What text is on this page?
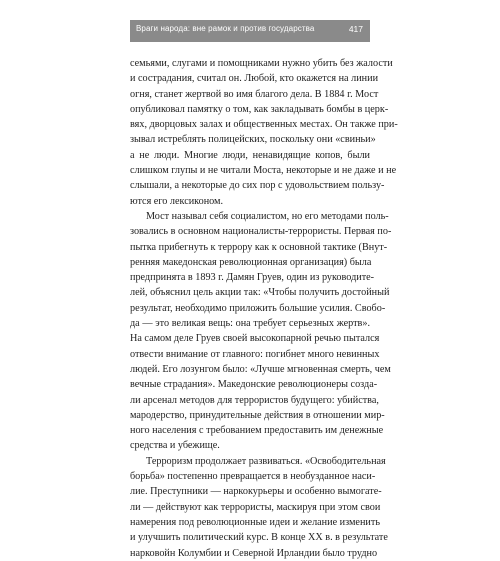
Враги народа: вне рамок и против государства	417
семьями, слугами и помощниками нужно убить без жалости
и сострадания, считал он. Любой, кто окажется на линии
огня, станет жертвой во имя благого дела. В 1884 г. Мост
опубликовал памятку о том, как закладывать бомбы в церк-
вях, дворцовых залах и общественных местах. Он также при-
зывал истреблять полицейских, поскольку они «свиньи»
а не люди. Многие люди, ненавидящие копов, были
слишком глупы и не читали Моста, некоторые и не даже и не
слышали, а некоторые до сих пор с удовольствием пользу-
ются его лексиконом.
Мост называл себя социалистом, но его методами поль-
зовались в основном националисты-террористы. Первая по-
пытка прибегнуть к террору как к основной тактике (Внут-
ренняя македонская революционная организация) была
предпринята в 1893 г. Дамян Груев, один из руководите-
лей, объяснил цель акции так: «Чтобы получить достойный
результат, необходимо приложить большие усилия. Свобо-
да — это великая вещь: она требует серьезных жертв».
На самом деле Груев своей высокопарной речью пытался
отвести внимание от главного: погибнет много невинных
людей. Его лозунгом было: «Лучше мгновенная смерть, чем
вечные страдания». Македонские революционеры созда-
ли арсенал методов для террористов будущего: убийства,
мародерство, принудительные действия в отношении мир-
ного населения с требованием предоставить им денежные
средства и убежище.
Терроризм продолжает развиваться. «Освободительная
борьба» постепенно превращается в необузданное наси-
лие. Преступники — наркокурьеры и особенно вымогате-
ли — действуют как террористы, маскируя при этом свои
намерения под революционные идеи и желание изменить
и улучшить политический курс. В конце XX в. в результате
нарковойн Колумбии и Северной Ирландии было трудно
